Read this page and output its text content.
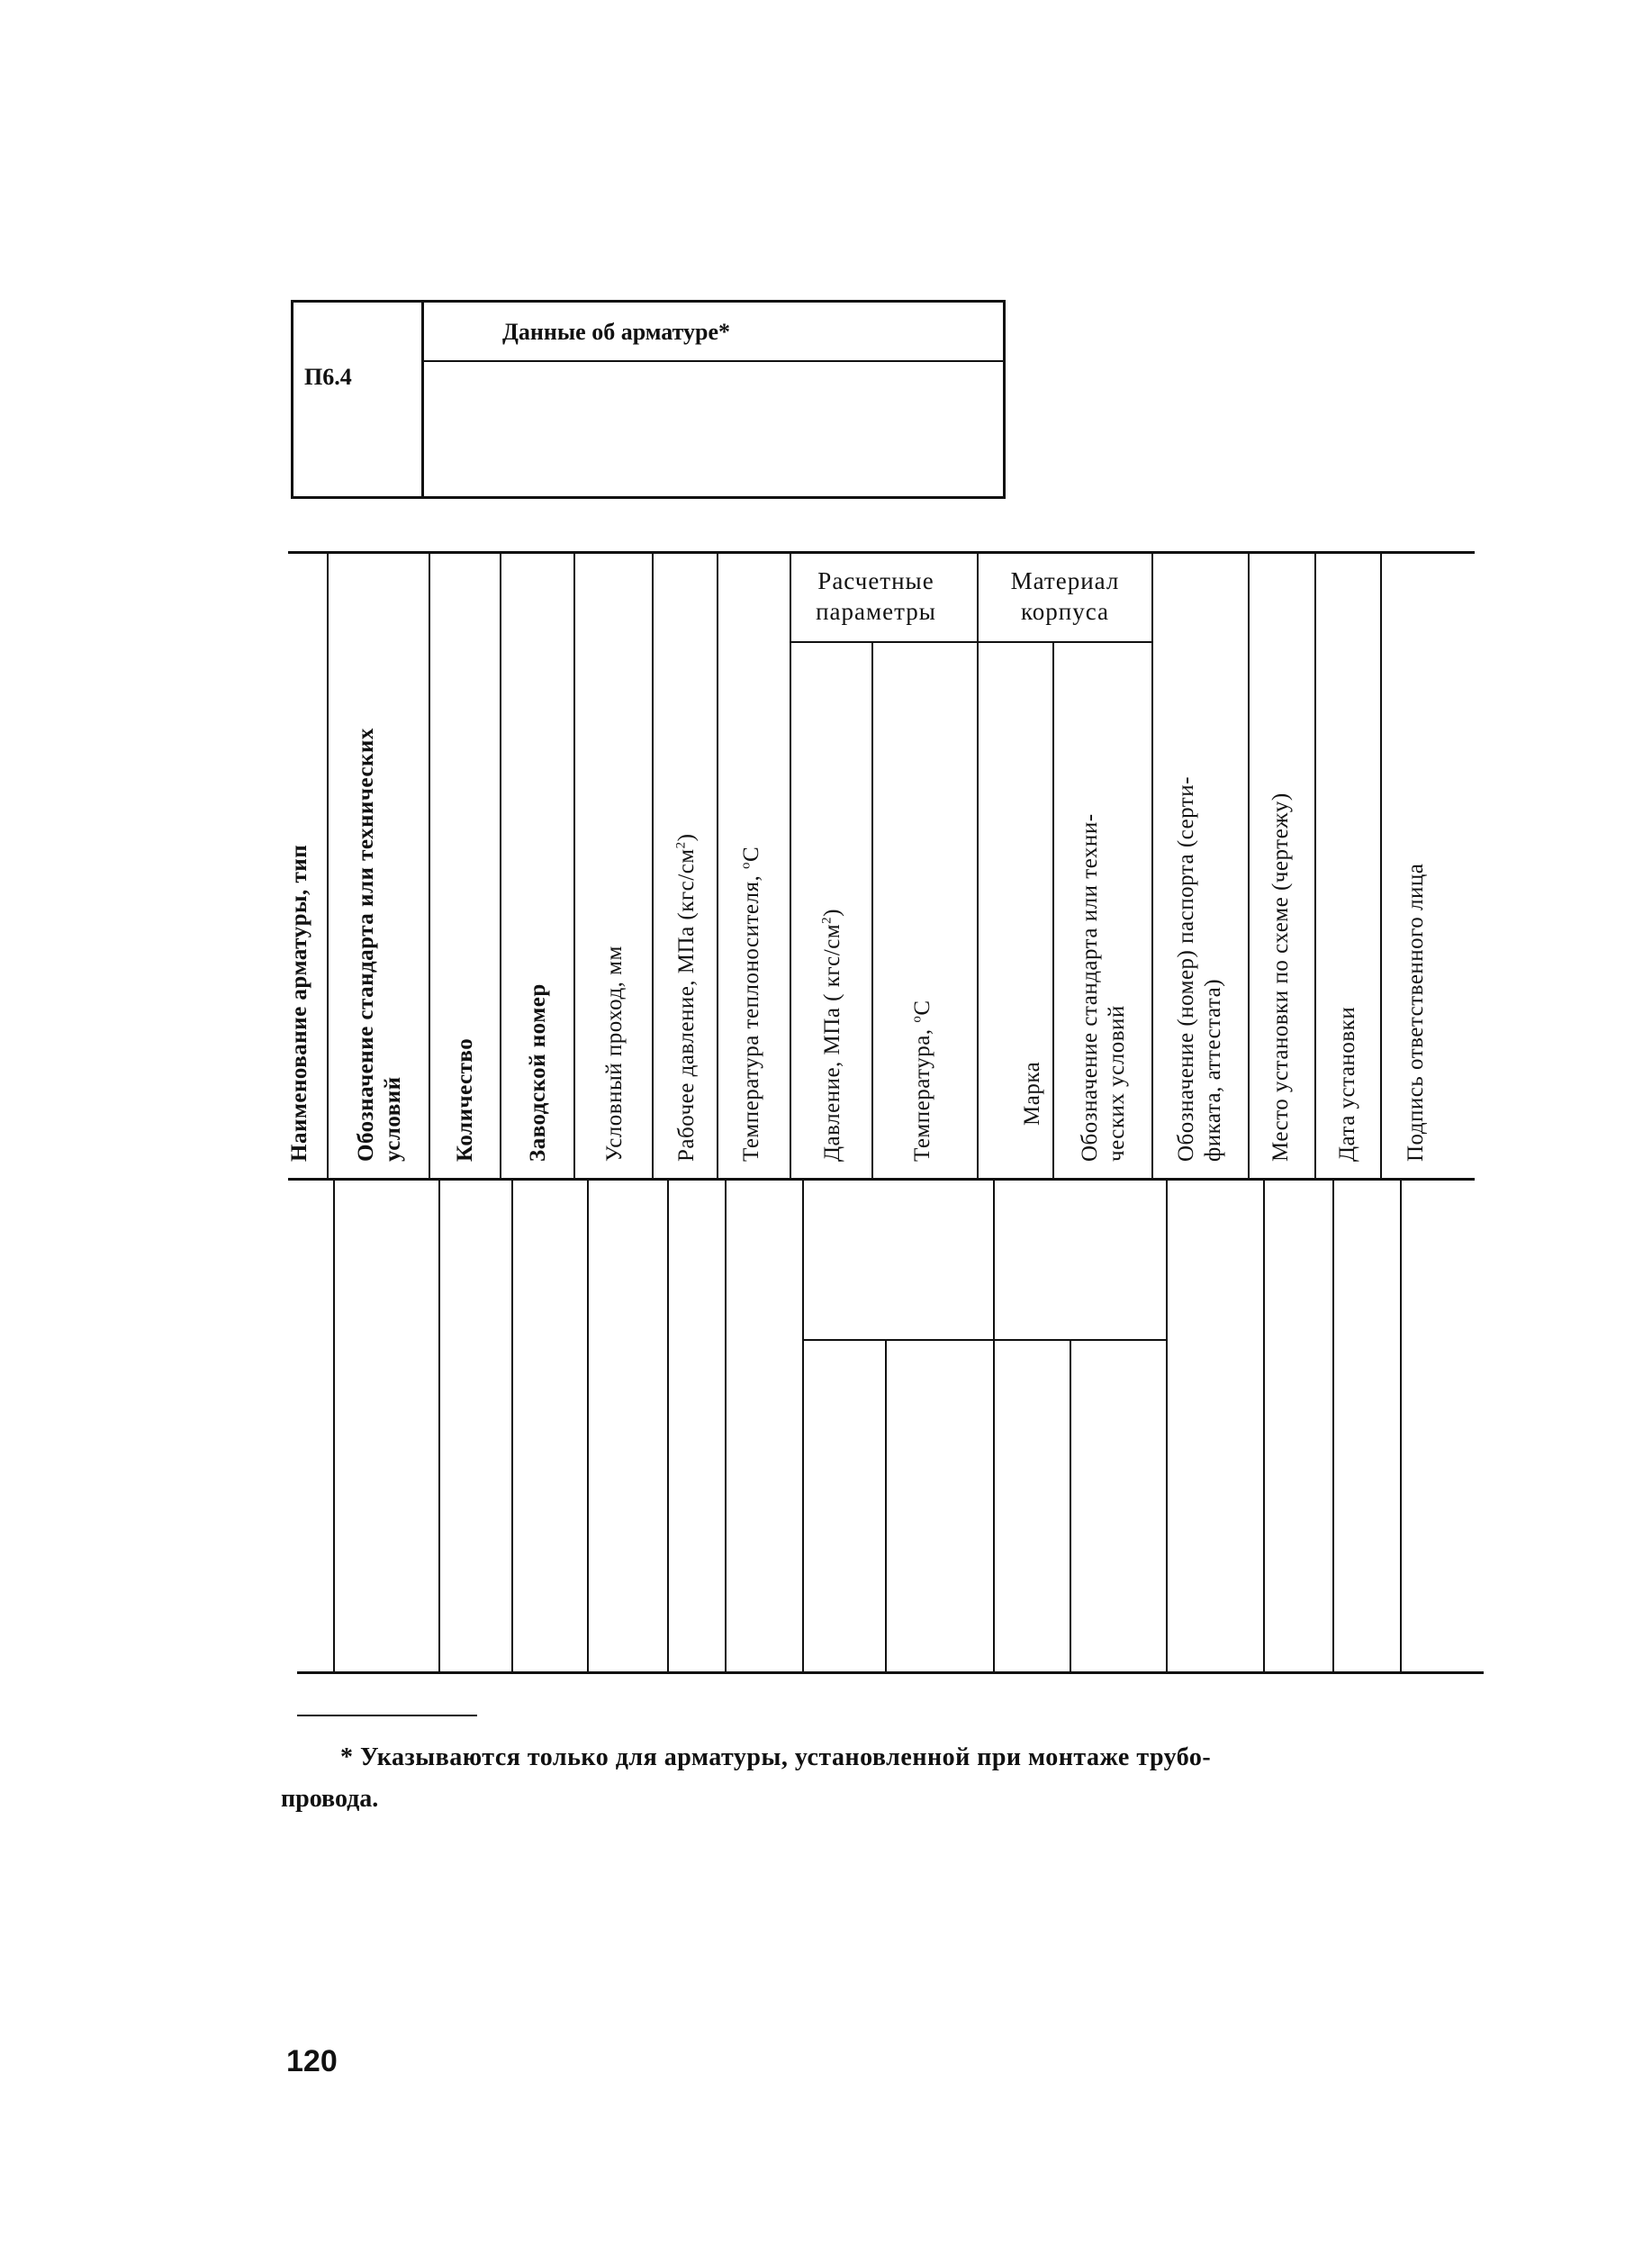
П6.4
Данные об арматуре*
Расчетные параметры
Материал корпуса
Наименование арматуры, тип Обозначение стандарта или технических условий Количество Заводской номер Условный проход, мм Рабочее давление, МПа $(кгс/см^2)$
Температура теплоносителя, $^о$С
Давление, МПа ( кгс/$см^2$)
Температура, $^о$С
Марка Обозначение стандарта или техни- ческих условий Обозначение (номер) паспорта (серти- фиката, аттестата) Место установки по схеме (чертежу) Дата установки Подпись ответственного лица
* Указываются только для арматуры, установленной при монтаже трубо-
провода.
120
